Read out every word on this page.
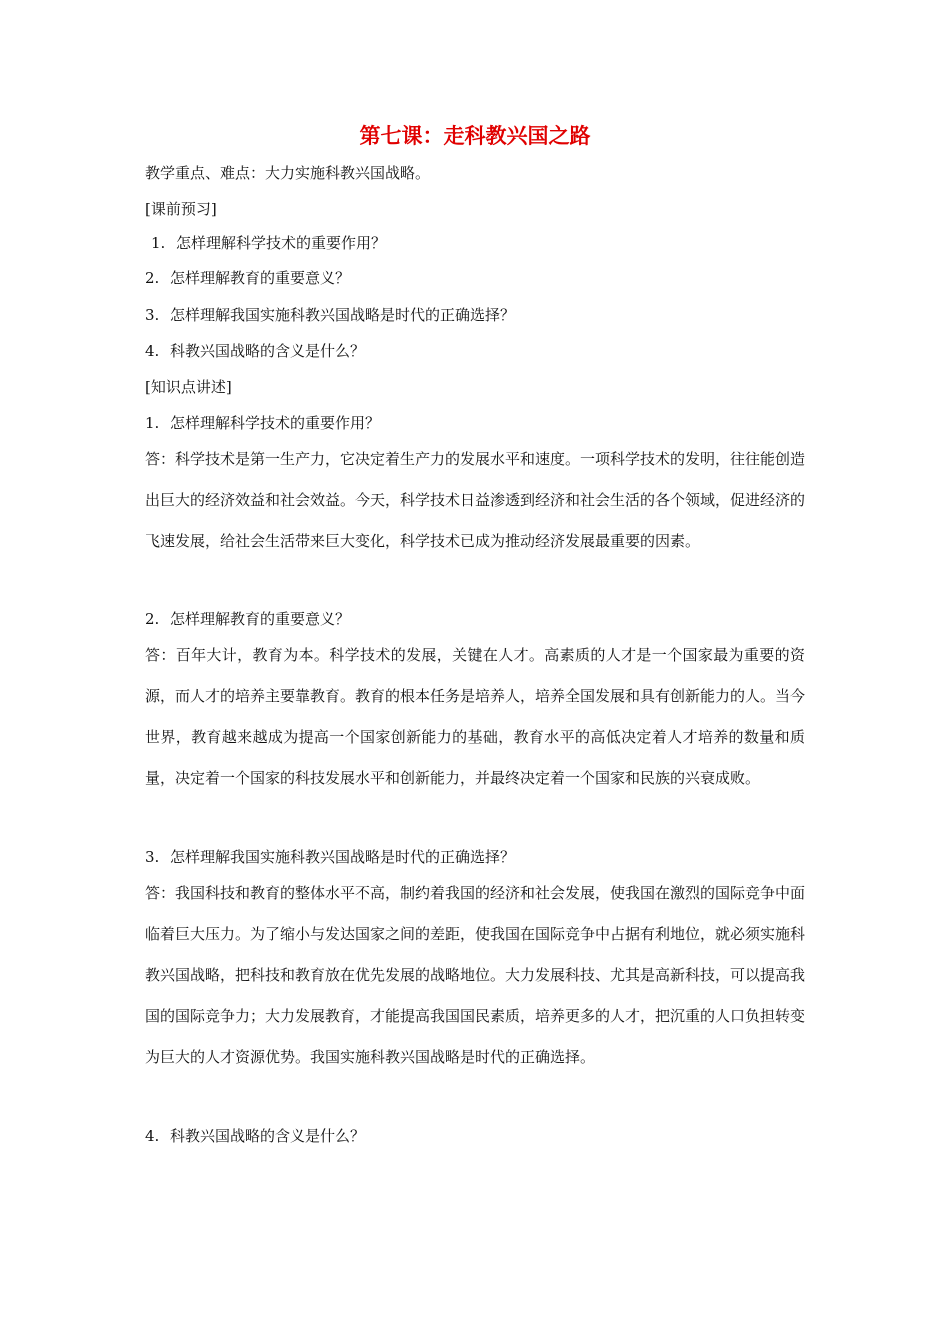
第七课：走科教兴国之路
教学重点、难点：大力实施科教兴国战略。
[课前预习]
1. 怎样理解科学技术的重要作用？
2. 怎样理解教育的重要意义？
3. 怎样理解我国实施科教兴国战略是时代的正确选择？
4. 科教兴国战略的含义是什么？
[知识点讲述]
1. 怎样理解科学技术的重要作用？
答：科学技术是第一生产力，它决定着生产力的发展水平和速度。一项科学技术的发明，往往能创造出巨大的经济效益和社会效益。今天，科学技术日益渗透到经济和社会生活的各个领域，促进经济的飞速发展，给社会生活带来巨大变化，科学技术已成为推动经济发展最重要的因素。
2. 怎样理解教育的重要意义？
答：百年大计，教育为本。科学技术的发展，关键在人才。高素质的人才是一个国家最为重要的资源，而人才的培养主要靠教育。教育的根本任务是培养人，培养全国发展和具有创新能力的人。当今世界，教育越来越成为提高一个国家创新能力的基础，教育水平的高低决定着人才培养的数量和质量，决定着一个国家的科技发展水平和创新能力，并最终决定着一个国家和民族的兴衰成败。
3. 怎样理解我国实施科教兴国战略是时代的正确选择？
答：我国科技和教育的整体水平不高，制约着我国的经济和社会发展，使我国在激烈的国际竞争中面临着巨大压力。为了缩小与发达国家之间的差距，使我国在国际竞争中占据有利地位，就必须实施科教兴国战略，把科技和教育放在优先发展的战略地位。大力发展科技、尤其是高新科技，可以提高我国的国际竞争力；大力发展教育，才能提高我国国民素质，培养更多的人才，把沉重的人口负担转变为巨大的人才资源优势。我国实施科教兴国战略是时代的正确选择。
4. 科教兴国战略的含义是什么？
